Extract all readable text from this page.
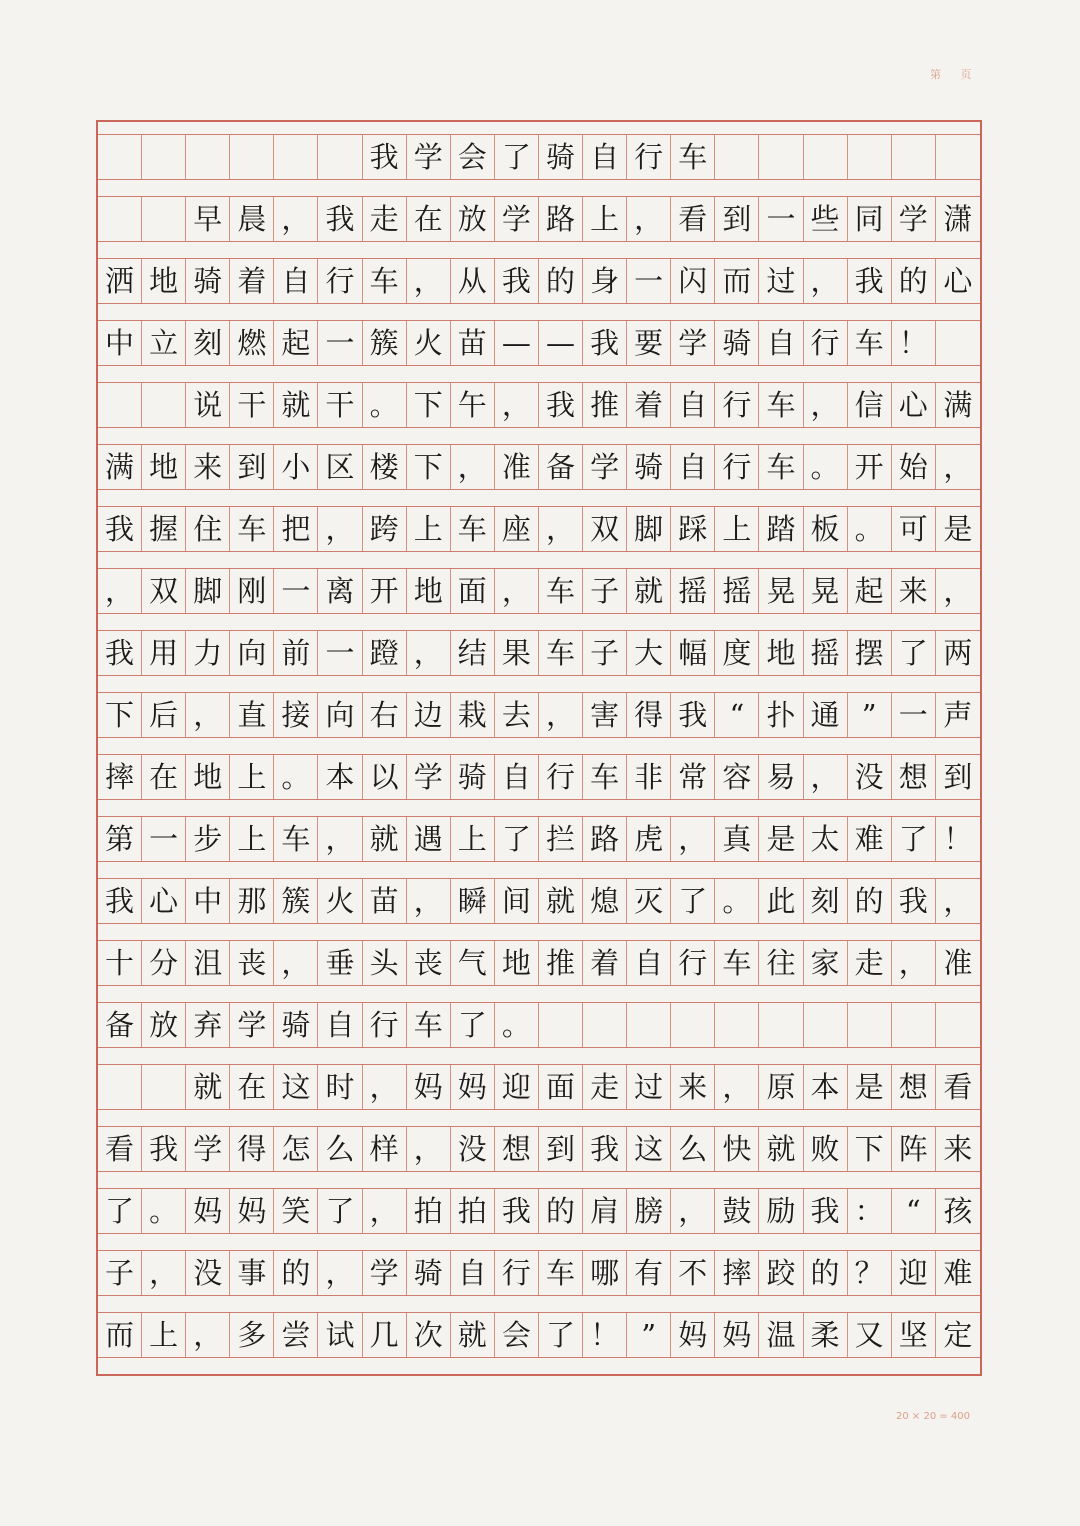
第 页
我 学 会 了 骑 自 行 车
早 晨 ， 我 走 在 放 学 路 上 ， 看 到 一 些 同 学 潇
洒 地 骑 着 自 行 车 ， 从 我 的 身 一 闪 而 过 ， 我 的 心
中 立 刻 燃 起 一 簇 火 苗 — — 我 要 学 骑 自 行 车 ！
说 干 就 干 。 下 午 ， 我 推 着 自 行 车 ， 信 心 满
满 地 来 到 小 区 楼 下 ， 准 备 学 骑 自 行 车 。 开 始 ，
我 握 住 车 把 ， 跨 上 车 座 ， 双 脚 踩 上 踏 板 。 可 是
， 双 脚 刚 一 离 开 地 面 ， 车 子 就 摇 摇 晃 晃 起 来 ，
我 用 力 向 前 一 蹬 ， 结 果 车 子 大 幅 度 地 摇 摆 了 两
下 后 ， 直 接 向 右 边 栽 去 ， 害 得 我 “ 扑 通 ” 一 声
摔 在 地 上 。 本 以 学 骑 自 行 车 非 常 容 易 ， 没 想 到
第 一 步 上 车 ， 就 遇 上 了 拦 路 虎 ， 真 是 太 难 了 ！
我 心 中 那 簇 火 苗 ， 瞬 间 就 熄 灭 了 。 此 刻 的 我 ，
十 分 沮 丧 ， 垂 头 丧 气 地 推 着 自 行 车 往 家 走 ， 准
备 放 弃 学 骑 自 行 车 了 。
就 在 这 时 ， 妈 妈 迎 面 走 过 来 ， 原 本 是 想 看
看 我 学 得 怎 么 样 ， 没 想 到 我 这 么 快 就 败 下 阵 来
了 。 妈 妈 笑 了 ， 拍 拍 我 的 肩 膀 ， 鼓 励 我 ： “ 孩
子 ， 没 事 的 ， 学 骑 自 行 车 哪 有 不 摔 跤 的 ？ 迎 难
而 上 ， 多 尝 试 几 次 就 会 了 ！ ” 妈 妈 温 柔 又 坚 定
20 × 20 = 400
